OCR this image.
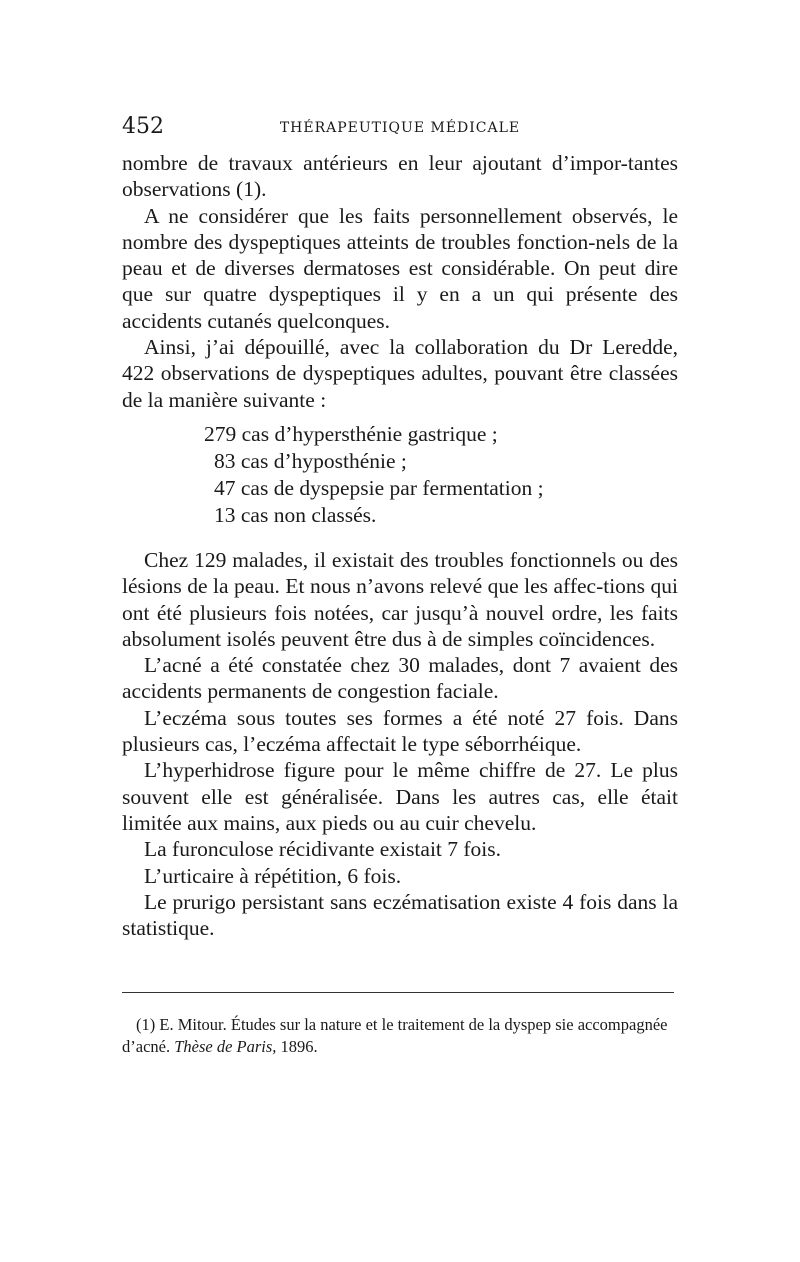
452	THÉRAPEUTIQUE MÉDICALE

nombre de travaux antérieurs en leur ajoutant d’impor-tantes observations (1).

A ne considérer que les faits personnellement observés, le nombre des dyspeptiques atteints de troubles fonction-nels de la peau et de diverses dermatoses est considérable. On peut dire que sur quatre dyspeptiques il y en a un qui présente des accidents cutanés quelconques.

Ainsi, j’ai dépouillé, avec la collaboration du Dr Leredde, 422 observations de dyspeptiques adultes, pouvant être classées de la manière suivante :

279 cas d’hypersthénie gastrique ;
83 cas d’hyposthénie ;
47 cas de dyspepsie par fermentation ;
13 cas non classés.

Chez 129 malades, il existait des troubles fonctionnels ou des lésions de la peau. Et nous n’avons relevé que les affec-tions qui ont été plusieurs fois notées, car jusqu’à nouvel ordre, les faits absolument isolés peuvent être dus à de simples coïncidences.

L’acné a été constatée chez 30 malades, dont 7 avaient des accidents permanents de congestion faciale.

L’eczéma sous toutes ses formes a été noté 27 fois. Dans plusieurs cas, l’eczéma affectait le type séborrhéique.

L’hyperhidrose figure pour le même chiffre de 27. Le plus souvent elle est généralisée. Dans les autres cas, elle était limitée aux mains, aux pieds ou au cuir chevelu.

La furonculose récidivante existait 7 fois.

L’urticaire à répétition, 6 fois.

Le prurigo persistant sans eczématisation existe 4 fois dans la statistique.

(1) E. Mitour. Études sur la nature et le traitement de la dyspep sie accompagnée d’acné. Thèse de Paris, 1896.
